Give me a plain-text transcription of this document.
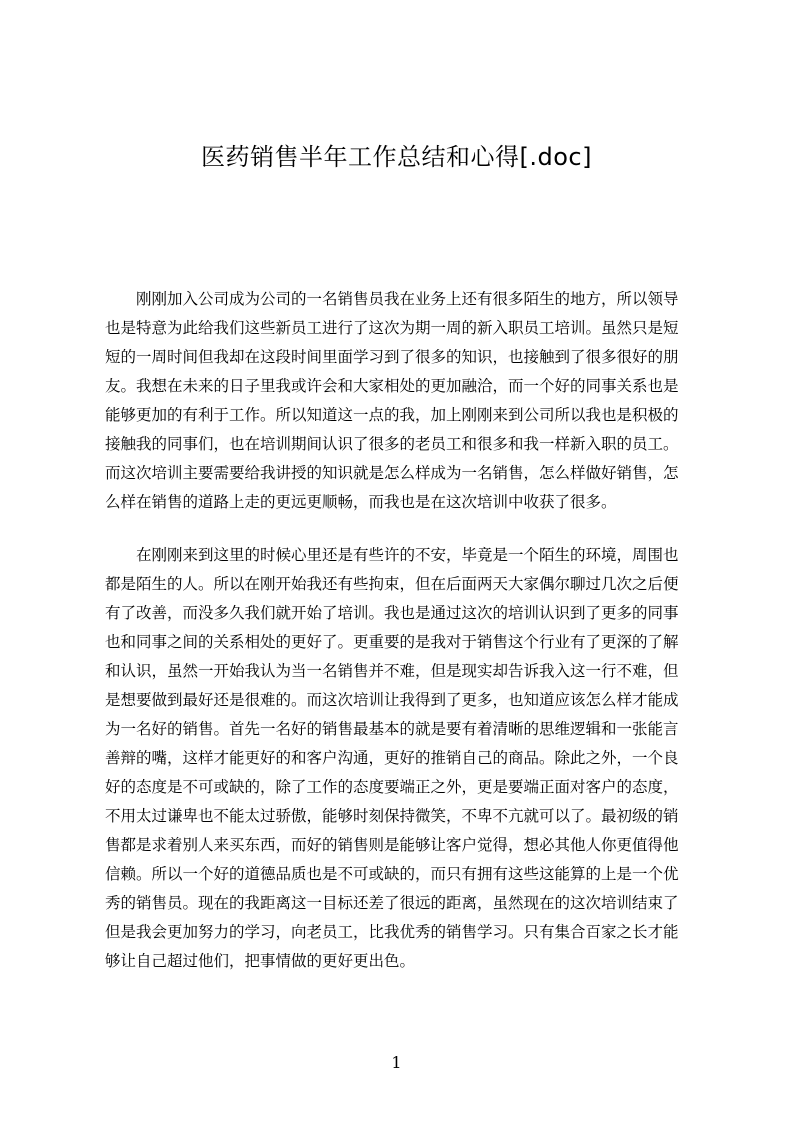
医药销售半年工作总结和心得[.doc]
　　刚刚加入公司成为公司的一名销售员我在业务上还有很多陌生的地方，所以领导
也是特意为此给我们这些新员工进行了这次为期一周的新入职员工培训。虽然只是短
短的一周时间但我却在这段时间里面学习到了很多的知识，也接触到了很多很好的朋
友。我想在未来的日子里我或许会和大家相处的更加融洽，而一个好的同事关系也是
能够更加的有利于工作。所以知道这一点的我，加上刚刚来到公司所以我也是积极的
接触我的同事们，也在培训期间认识了很多的老员工和很多和我一样新入职的员工。
而这次培训主要需要给我讲授的知识就是怎么样成为一名销售，怎么样做好销售，怎
么样在销售的道路上走的更远更顺畅，而我也是在这次培训中收获了很多。
　　在刚刚来到这里的时候心里还是有些许的不安，毕竟是一个陌生的环境，周围也
都是陌生的人。所以在刚开始我还有些拘束，但在后面两天大家偶尔聊过几次之后便
有了改善，而没多久我们就开始了培训。我也是通过这次的培训认识到了更多的同事
也和同事之间的关系相处的更好了。更重要的是我对于销售这个行业有了更深的了解
和认识，虽然一开始我认为当一名销售并不难，但是现实却告诉我入这一行不难，但
是想要做到最好还是很难的。而这次培训让我得到了更多，也知道应该怎么样才能成
为一名好的销售。首先一名好的销售最基本的就是要有着清晰的思维逻辑和一张能言
善辩的嘴，这样才能更好的和客户沟通，更好的推销自己的商品。除此之外，一个良
好的态度是不可或缺的，除了工作的态度要端正之外，更是要端正面对客户的态度，
不用太过谦卑也不能太过骄傲，能够时刻保持微笑，不卑不亢就可以了。最初级的销
售都是求着别人来买东西，而好的销售则是能够让客户觉得，想必其他人你更值得他
信赖。所以一个好的道德品质也是不可或缺的，而只有拥有这些这能算的上是一个优
秀的销售员。现在的我距离这一目标还差了很远的距离，虽然现在的这次培训结束了
但是我会更加努力的学习，向老员工，比我优秀的销售学习。只有集合百家之长才能
够让自己超过他们，把事情做的更好更出色。
1
